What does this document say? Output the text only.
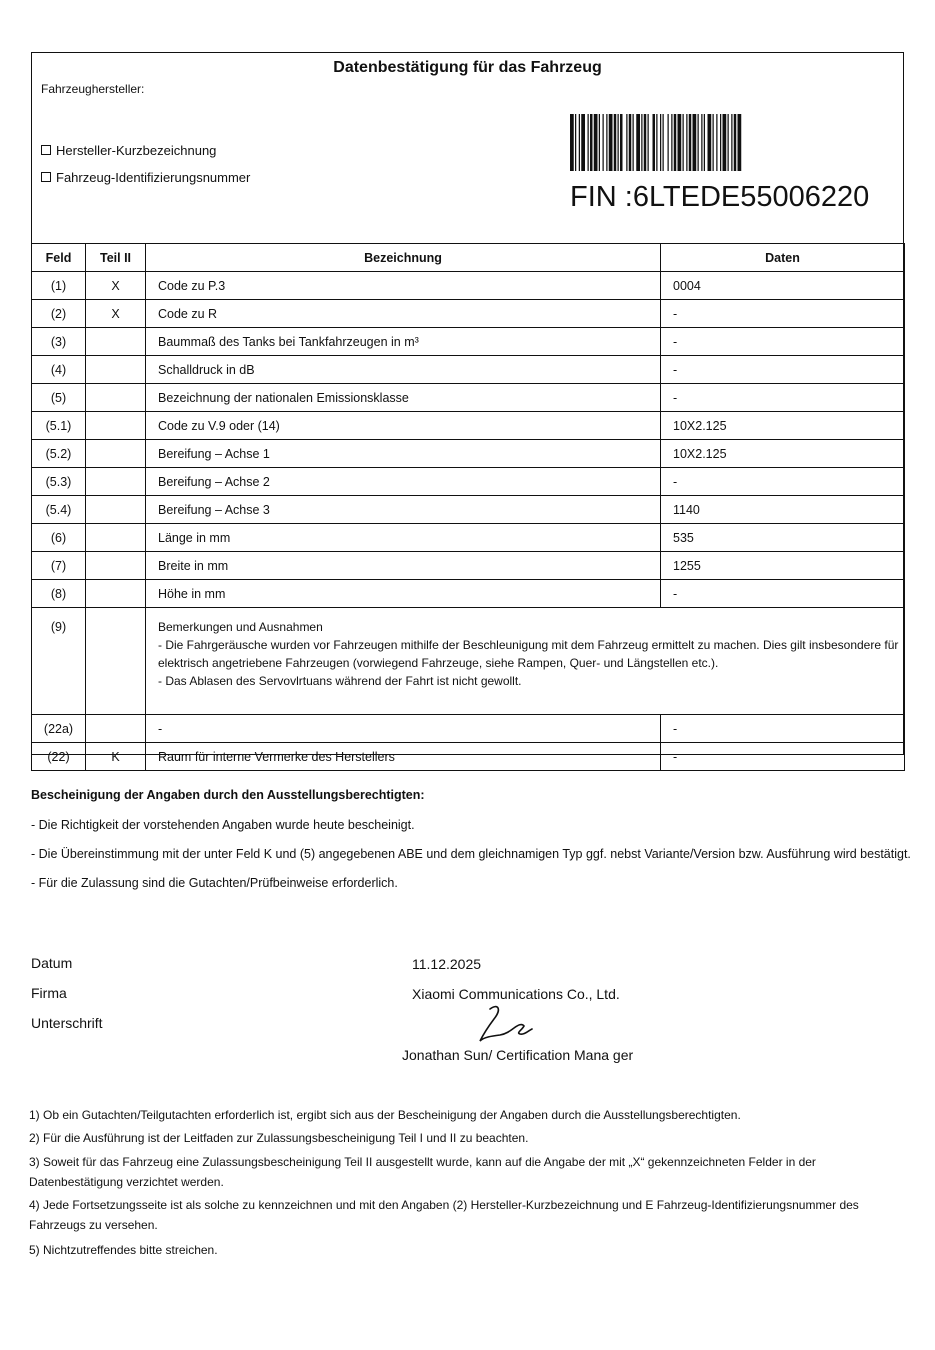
Datenbestätigung für das Fahrzeug
Fahrzeughersteller:
Hersteller-Kurzbezeichnung
Fahrzeug-Identifizierungsnummer
FIN :6LTEDE55006220
Feld	Teil II	Bezeichnung	Daten
(1)	X	Code zu P.3	0004
(2)	X	Code zu R	-
(3)		Baummaß des Tanks bei Tankfahrzeugen in m³	-
(4)		Schalldruck in dB	-
(5)		Bezeichnung der nationalen Emissionsklasse	-
(5.1)		Code zu V.9 oder (14)	10X2.125
(5.2)		Bereifung – Achse 1	10X2.125
(5.3)		Bereifung – Achse 2	-
(5.4)		Bereifung – Achse 3	1140
(6)		Länge in mm	535
(7)		Breite in mm	1255
(8)		Höhe in mm	-
(9)		Bemerkungen und Ausnahmen
- Die Fahrgeräusche wurden vor Fahrzeugen mithilfe der Beschleunigung mit dem Fahrzeug ermittelt zu machen. Dies gilt insbesondere für elektrisch angetriebene Fahrzeugen (vorwiegend Fahrzeuge, siehe Rampen, Quer- und Längstellen etc.).
- Das Ablasen des Servovlrtuans während der Fahrt ist nicht gewollt.	

(22a)		-	-
(22)	K	Raum für interne Vermerke des Herstellers	-
Bescheinigung der Angaben durch den Ausstellungsberechtigten:
- Die Richtigkeit der vorstehenden Angaben wurde heute bescheinigt.
- Die Übereinstimmung mit der unter Feld K und (5) angegebenen ABE und dem gleichnamigen Typ ggf. nebst Variante/Version bzw. Ausführung wird bestätigt.
- Für die Zulassung sind die Gutachten/Prüfbeinweise erforderlich.
Datum	11.12.2025
Firma	Xiaomi Communications Co., Ltd.
Unterschrift
Jonathan Sun/ Certification Mana ger
1) Ob ein Gutachten/Teilgutachten erforderlich ist, ergibt sich aus der Bescheinigung der Angaben durch die Ausstellungsberechtigten.
2) Für die Ausführung ist der Leitfaden zur Zulassungsbescheinigung Teil I und II zu beachten.
3) Soweit für das Fahrzeug eine Zulassungsbescheinigung Teil II ausgestellt wurde, kann auf die Angabe der mit „X“ gekennzeichneten Felder in der Datenbestätigung verzichtet werden.
4) Jede Fortsetzungsseite ist als solche zu kennzeichnen und mit den Angaben (2) Hersteller-Kurzbezeichnung und E Fahrzeug-Identifizierungsnummer des Fahrzeugs zu versehen.
5) Nichtzutreffendes bitte streichen.
